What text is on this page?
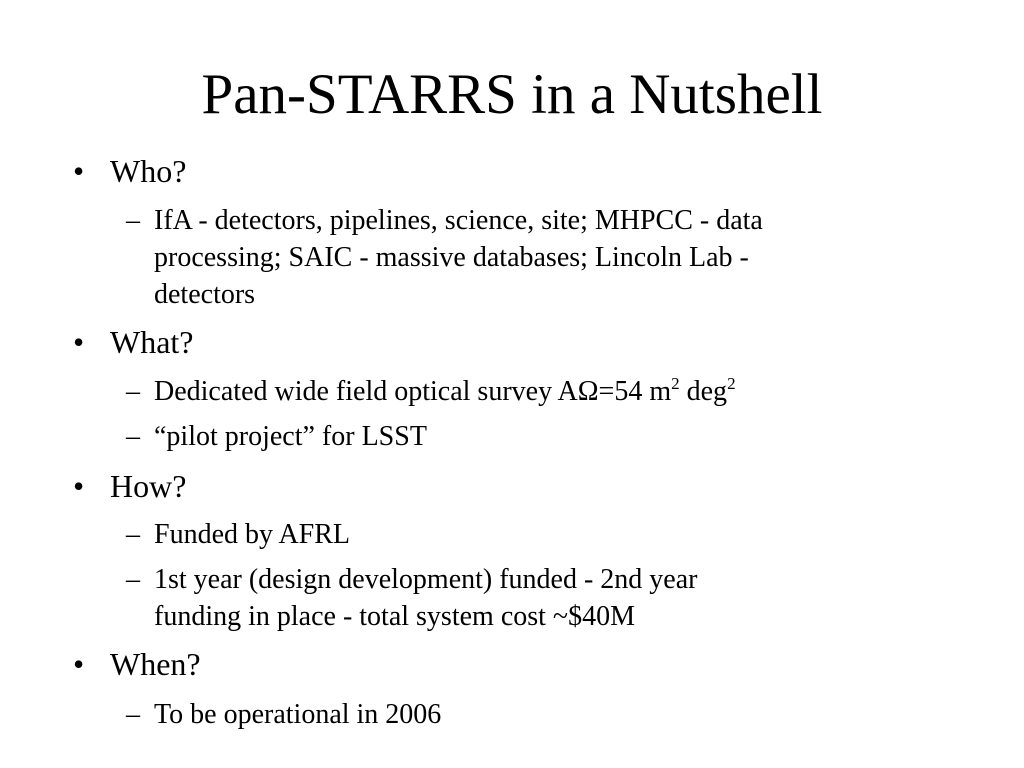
Pan-STARRS in a Nutshell
• Who?
– IfA - detectors, pipelines, science, site; MHPCC - data
processing; SAIC - massive databases; Lincoln Lab -
detectors
• What?
– Dedicated wide field optical survey AΩ=54 $m^2$ deg$^2$
– “pilot project” for LSST
• How?
– Funded by AFRL
– 1st year (design development) funded - 2nd year
funding in place - total system cost ~$40M
• When?
– To be operational in 2006
